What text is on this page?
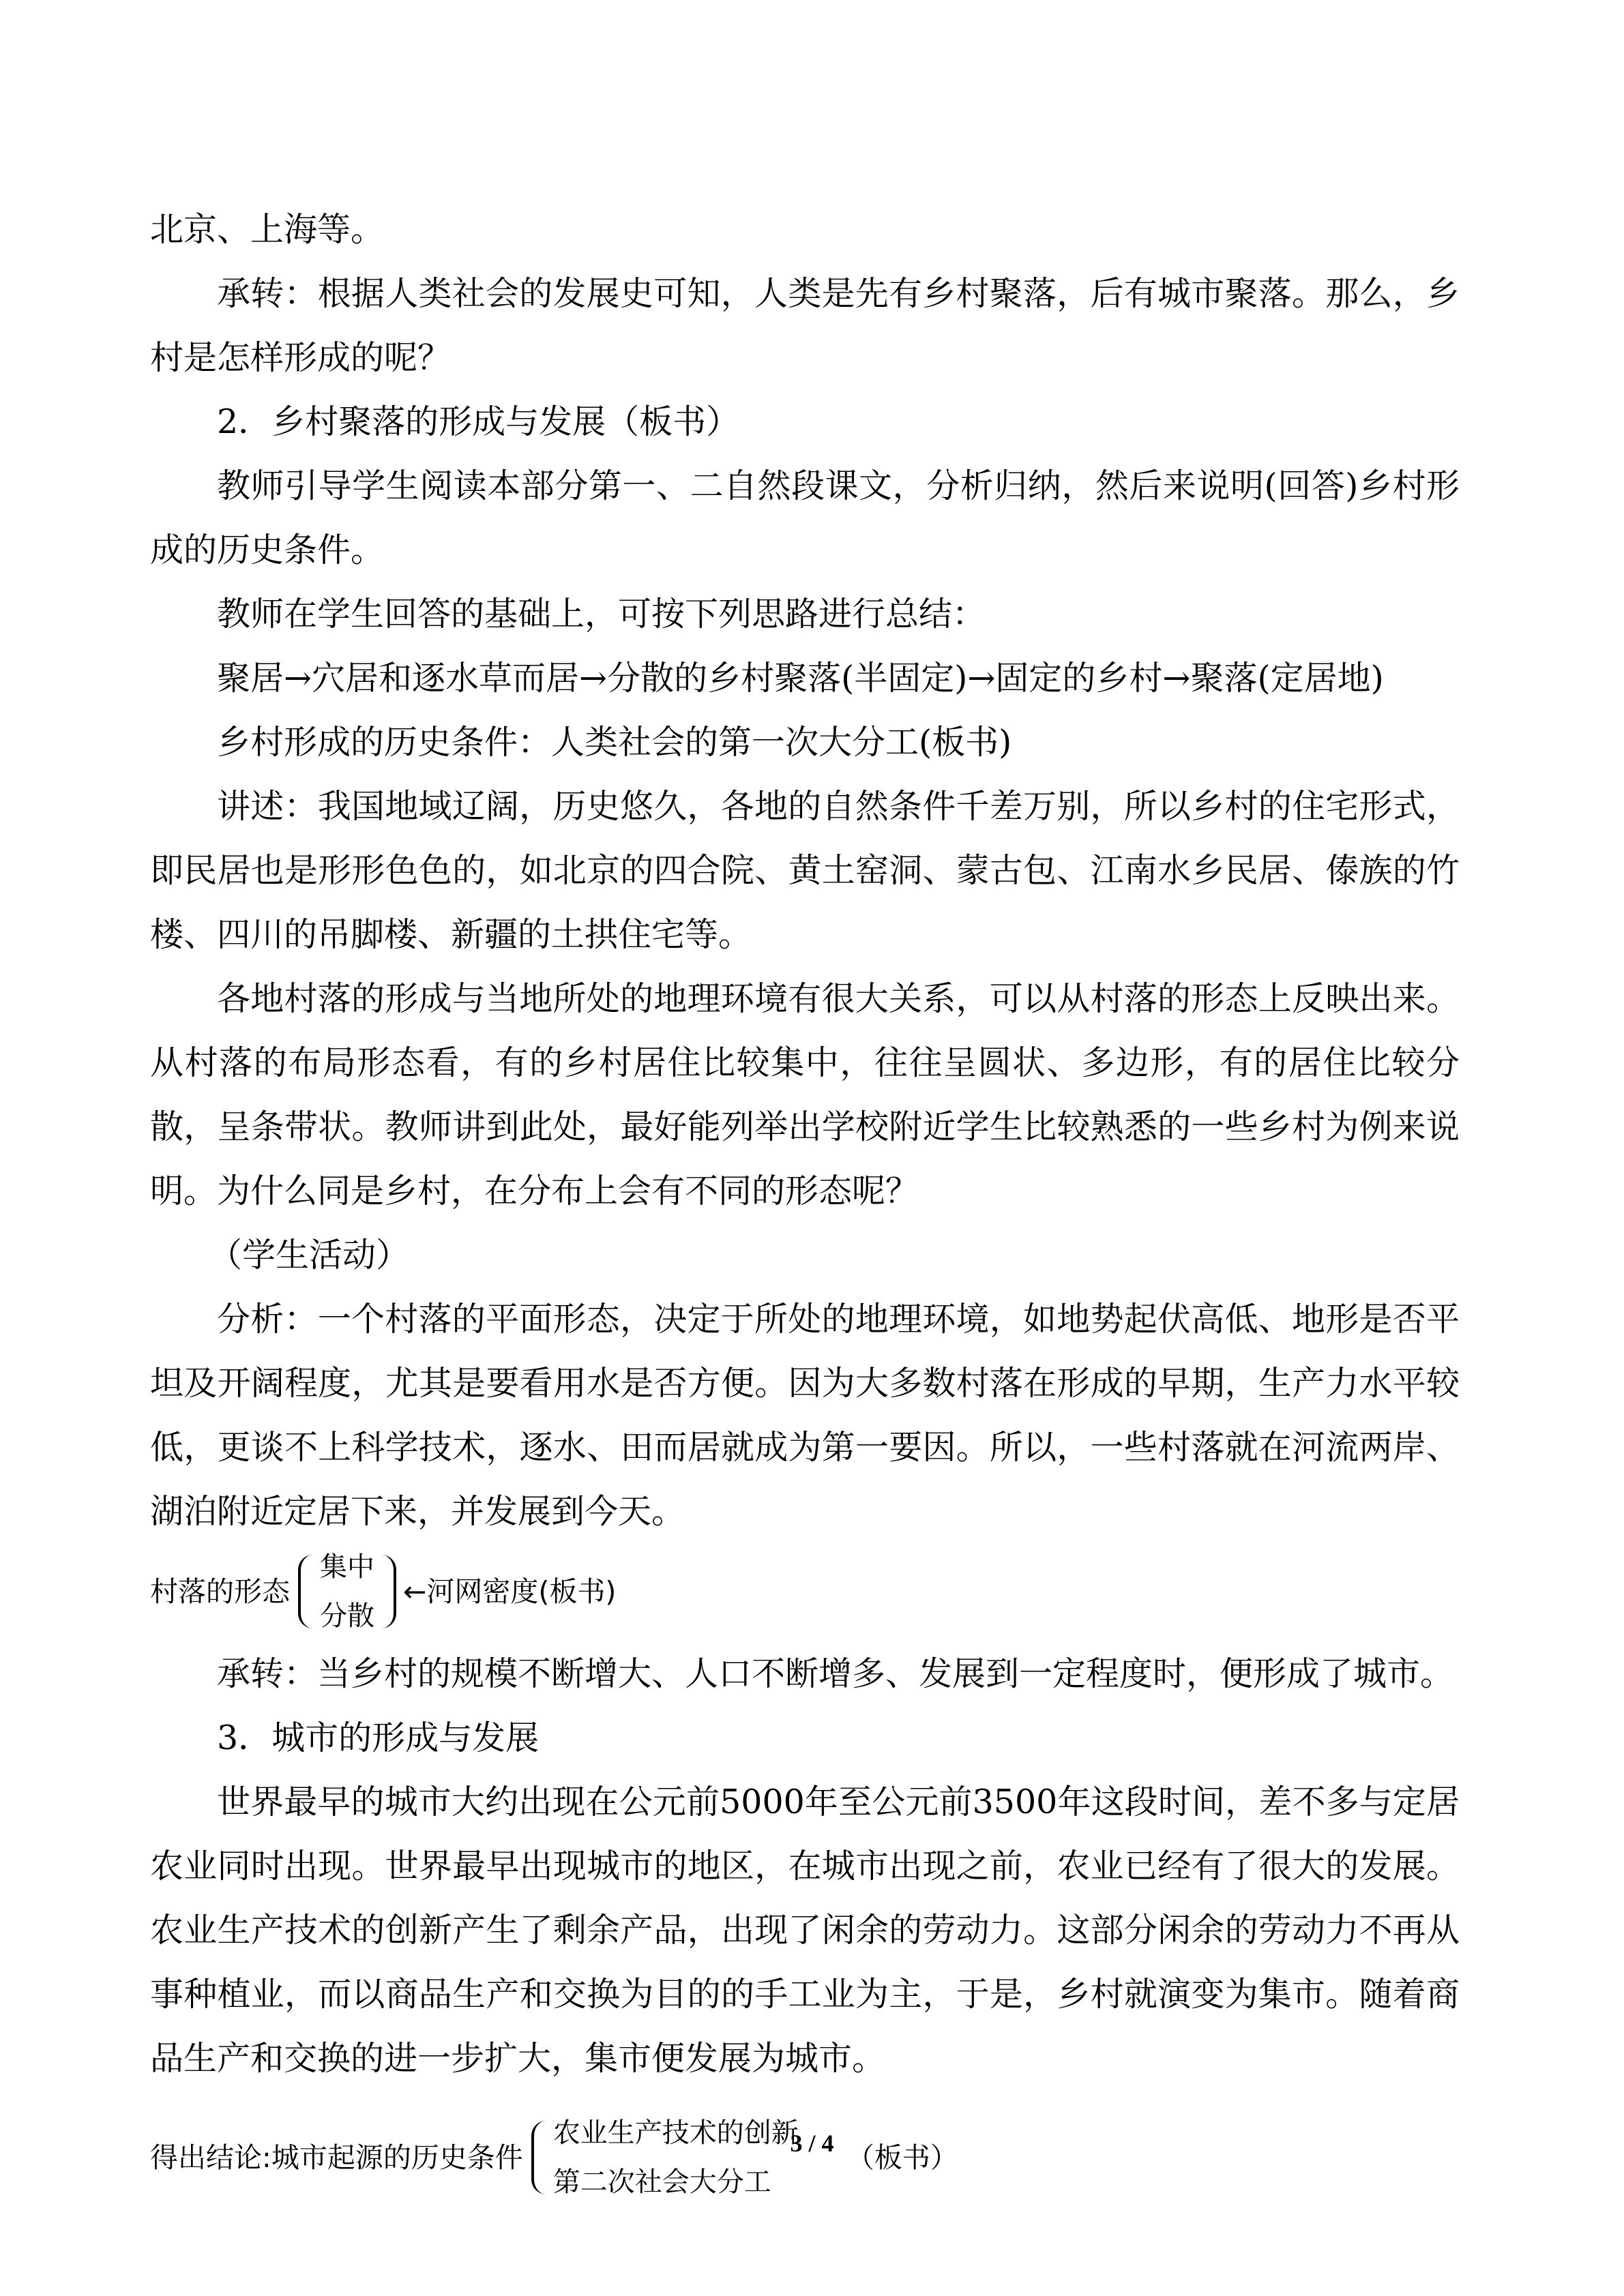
北京、上海等。

承转：根据人类社会的发展史可知，人类是先有乡村聚落，后有城市聚落。那么，乡村是怎样形成的呢？

2．乡村聚落的形成与发展（板书）

教师引导学生阅读本部分第一、二自然段课文，分析归纳，然后来说明(回答)乡村形成的历史条件。

教师在学生回答的基础上，可按下列思路进行总结：

聚居→穴居和逐水草而居→分散的乡村聚落(半固定)→固定的乡村→聚落(定居地)

乡村形成的历史条件：人类社会的第一次大分工(板书)

讲述：我国地域辽阔，历史悠久，各地的自然条件千差万别，所以乡村的住宅形式，即民居也是形形色色的，如北京的四合院、黄土窑洞、蒙古包、江南水乡民居、傣族的竹楼、四川的吊脚楼、新疆的土拱住宅等。

各地村落的形成与当地所处的地理环境有很大关系，可以从村落的形态上反映出来。从村落的布局形态看，有的乡村居住比较集中，往往呈圆状、多边形，有的居住比较分散，呈条带状。教师讲到此处，最好能列举出学校附近学生比较熟悉的一些乡村为例来说明。为什么同是乡村，在分布上会有不同的形态呢？

（学生活动）

分析：一个村落的平面形态，决定于所处的地理环境，如地势起伏高低、地形是否平坦及开阔程度，尤其是要看用水是否方便。因为大多数村落在形成的早期，生产力水平较低，更谈不上科学技术，逐水、田而居就成为第一要因。所以，一些村落就在河流两岸、湖泊附近定居下来，并发展到今天。

村落的形态
集中
分散
←河网密度(板书)

承转：当乡村的规模不断增大、人口不断增多、发展到一定程度时，便形成了城市。

3．城市的形成与发展

世界最早的城市大约出现在公元前5000年至公元前3500年这段时间，差不多与定居农业同时出现。世界最早出现城市的地区，在城市出现之前，农业已经有了很大的发展。农业生产技术的创新产生了剩余产品，出现了闲余的劳动力。这部分闲余的劳动力不再从事种植业，而以商品生产和交换为目的的手工业为主，于是，乡村就演变为集市。随着商品生产和交换的进一步扩大，集市便发展为城市。

得出结论:城市起源的历史条件
农业生产技术的创新
第二次社会大分工
（板书）
3 / 4
